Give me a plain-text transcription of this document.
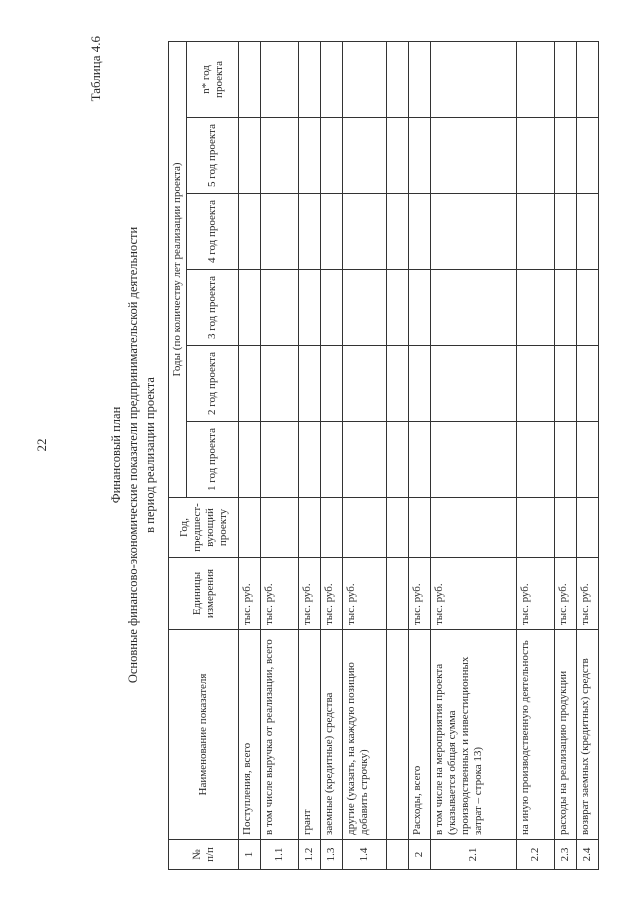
22
Таблица 4.6
Финансовый план Основные финансово-экономические показатели предпринимательской деятельности в период реализации проекта
№ п/п	Наименование показателя	Единицы измерения	Год, предшест-вующий проекту	Годы (по количеству лет реализации проекта)					
				1 год проекта	2 год проекта	3 год проекта	4 год проекта	5 год проекта	n* год проекта
1	Поступления, всего	тыс. руб.							
1.1	в том числе выручка от реализации, всего	тыс. руб.							
1.2	грант	тыс. руб.							
1.3	заемные (кредитные) средства	тыс. руб.							
1.4	другие (указать, на каждую позицию добавить строчку)	тыс. руб.							

2	Расходы, всего	тыс. руб.							
2.1	в том числе на мероприятия проекта (указывается общая сумма производственных и инвестиционных затрат – строка 13)	тыс. руб.							
2.2	на иную производственную деятельность	тыс. руб.							
2.3	расходы на реализацию продукции	тыс. руб.							
2.4	возврат заемных (кредитных) средств	тыс. руб.							
